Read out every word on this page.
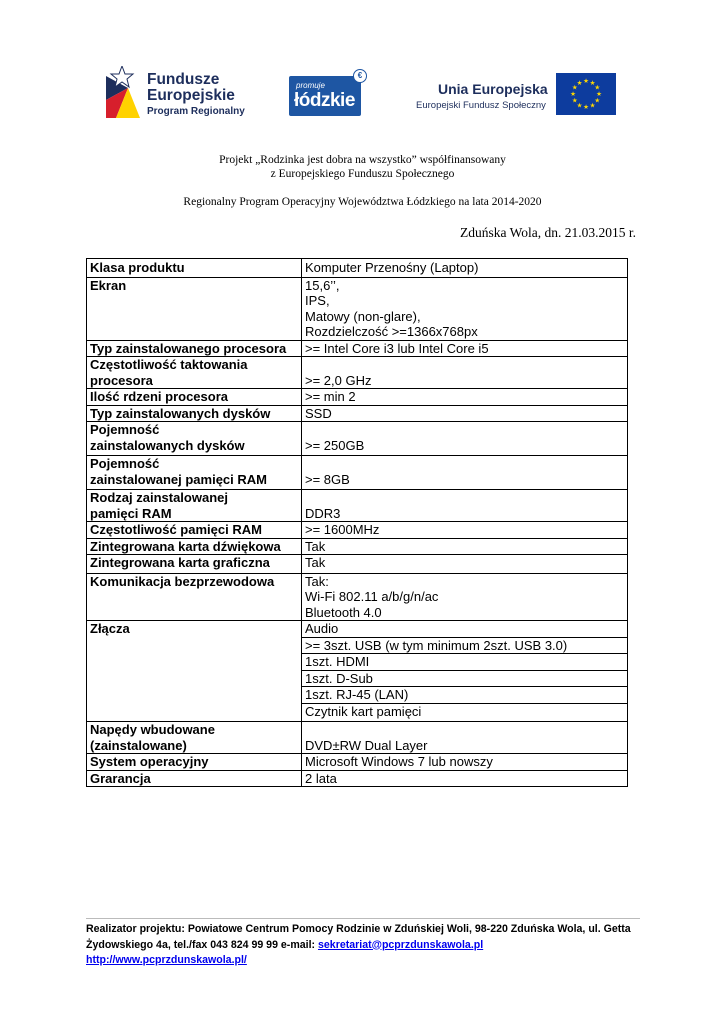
Fundusze
Europejskie
Program Regionalny
promuje
łódzkie
€
Unia Europejska
Europejski Fundusz Społeczny
★ ★
★
★
★
★
★
★
★
★
★
★
Projekt „Rodzinka jest dobra na wszystko” współfinansowany
z Europejskiego Funduszu Społecznego
Regionalny Program Operacyjny Województwa Łódzkiego na lata 2014-2020
Zduńska Wola, dn. 21.03.2015 r.
Klasa produktu	Komputer Przenośny (Laptop)
Ekran	15,6’’,
IPS,
Matowy (non-glare),
Rozdzielczość >=1366x768px

Typ zainstalowanego procesora	>= Intel Core i3 lub Intel Core i5

Częstotliwość taktowania
procesora	>= 2,0 GHz
Ilość rdzeni procesora	>= min 2
Typ zainstalowanych dysków	SSD

Pojemność
zainstalowanych dysków	>= 250GB

Pojemność
zainstalowanej pamięci RAM	>= 8GB

Rodzaj zainstalowanej
pamięci RAM	DDR3
Częstotliwość pamięci RAM	>= 1600MHz
Zintegrowana karta dźwiękowa	Tak
Zintegrowana karta graficzna	Tak
Komunikacja bezprzewodowa	Tak:
Wi-Fi 802.11 a/b/g/n/ac
Bluetooth 4.0

Złącza	Audio
	>= 3szt. USB (w tym minimum 2szt. USB 3.0)
	1szt. HDMI
	1szt. D-Sub
	1szt. RJ-45 (LAN)
	Czytnik kart pamięci

Napędy wbudowane
(zainstalowane)	DVD±RW Dual Layer
System operacyjny	Microsoft Windows 7 lub nowszy
Grarancja	2 lata
Realizator projektu: Powiatowe Centrum Pomocy Rodzinie w Zduńskiej Woli, 98-220 Zduńska Wola, ul. Getta
Żydowskiego 4a, tel./fax 043 824 99 99 e-mail: sekretariat@pcprzdunskawola.pl
http://www.pcprzdunskawola.pl/
